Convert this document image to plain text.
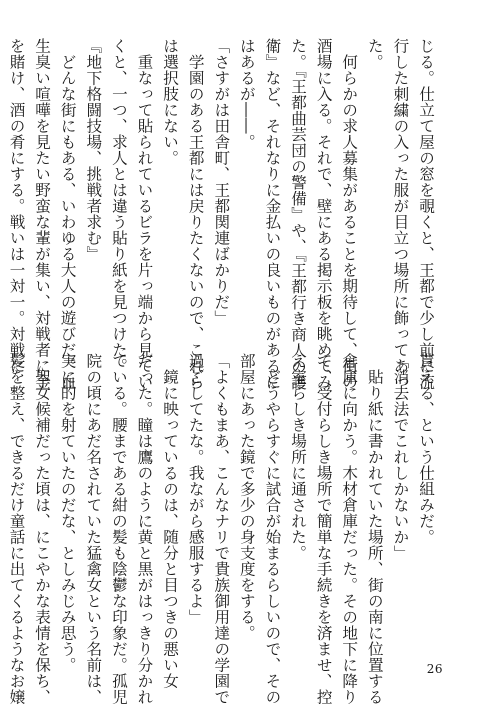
じる。仕立て屋の窓を覗くと、王都で少し前に流
行した刺繍の入った服が目立つ場所に飾ってあっ
た。
　何らかの求人募集があることを期待して、街の
酒場に入る。それで、壁にある掲示板を眺めてみ
た。『王都曲芸団の警備』や、『王都行き商人の護
衛』など、それなりに金払いの良いものがあるに
はあるが――。
「さすがは田舎町、王都関連ばかりだ」
　学園のある王都には戻りたくないので、これら
は選択肢にない。
　重なって貼られているビラを片っ端から見てい
くと、一つ、求人とは違う貼り紙を見つけた。
『地下格闘技場、挑戦者求む』
　どんな街にもある、いわゆる大人の遊びだ。血
生臭い喧嘩を見たい野蛮な輩が集い、対戦者に金
を賭け、酒の肴にする。戦いは一対一。対戦に
貰える、という仕組みだ。
「消去法でこれしかないか」
　貼り紙に書かれていた場所、街の南に位置する
倉庫に向かう。木材倉庫だった。その地下に降り
て、受付らしき場所で簡単な手続きを済ませ、控
え室らしき場所に通された。
　どうやらすぐに試合が始まるらしいので、その
部屋にあった鏡で多少の身支度をする。
「よくもまあ、こんなナリで貴族御用達の学園で
過ごしてたな。我ながら感服するよ」
　鏡に映っているのは、随分と目つきの悪い女
だった。瞳は鷹のように黄と黒がはっきり分かれ
ている。腰まである紺の髪も陰鬱な印象だ。孤児
院の頃にあだ名されていた猛禽女という名前は、
実に的を射ていたのだな、としみじみ思う。
　聖女候補だった頃は、にこやかな表情を保ち、
髪を整え、できるだけ童話に出てくるようなお嬢	26
